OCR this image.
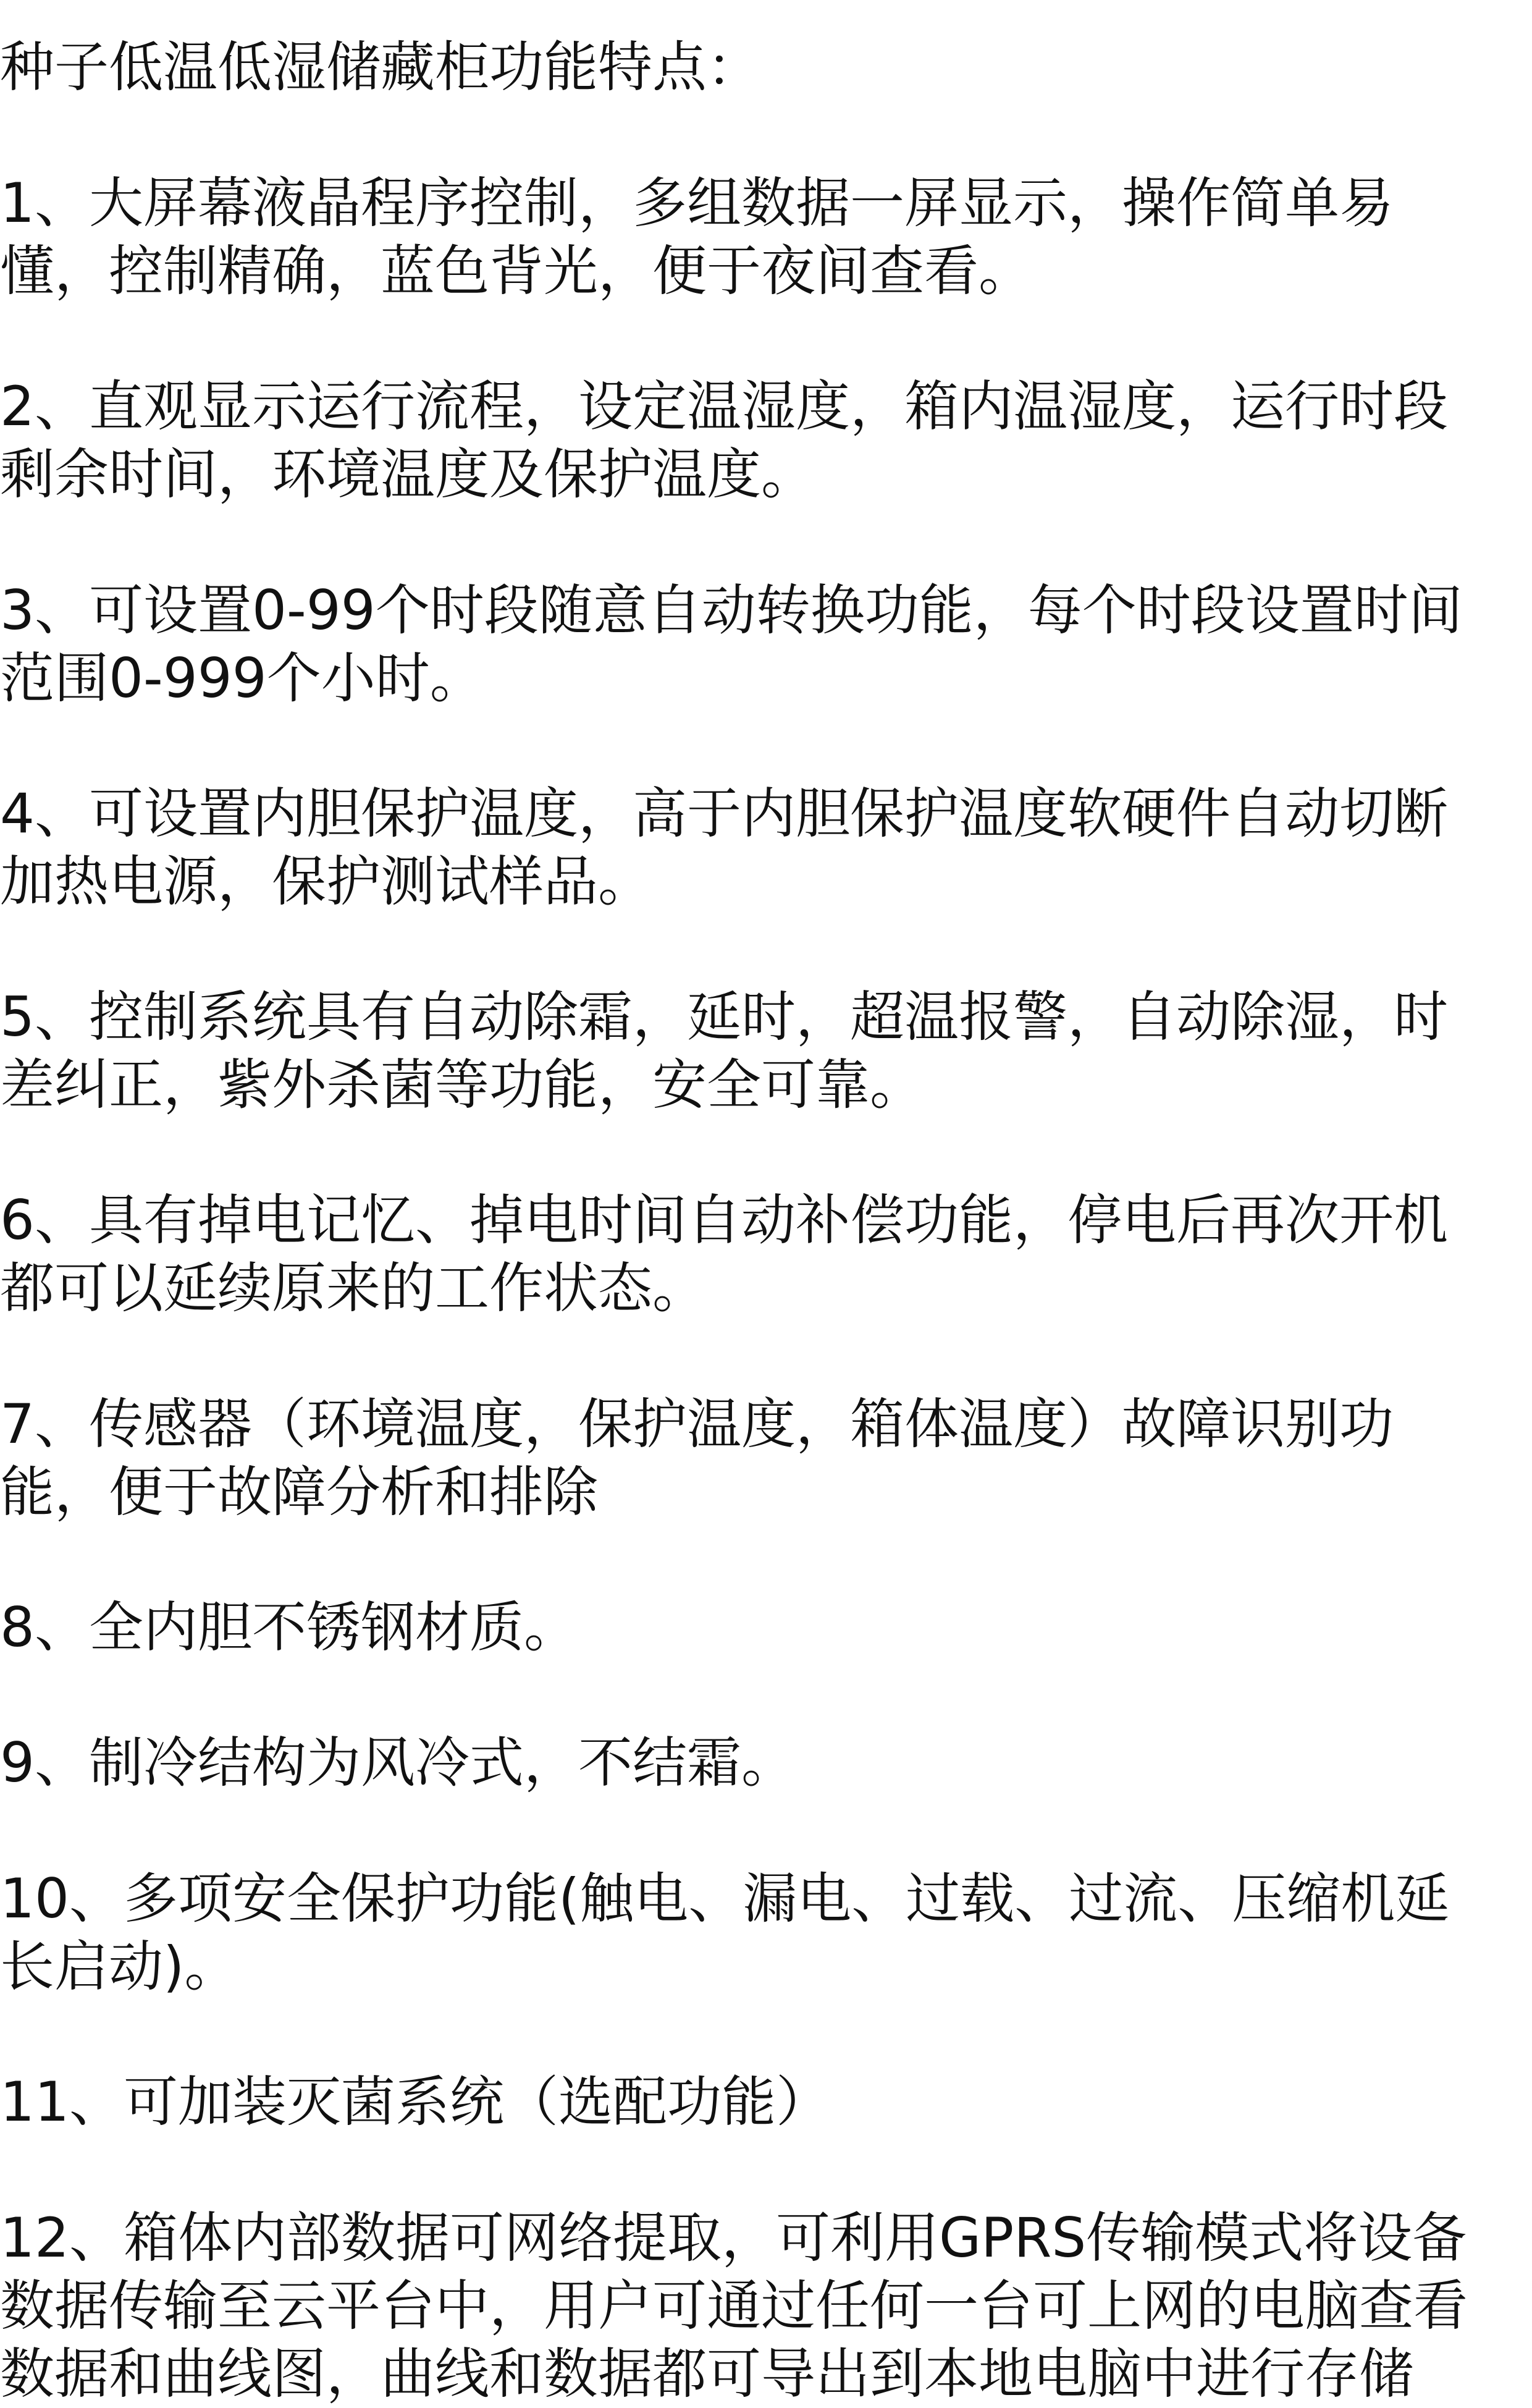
种子低温低湿储藏柜功能特点：
1、大屏幕液晶程序控制，多组数据一屏显示，操作简单易
懂，控制精确，蓝色背光，便于夜间查看。
2、直观显示运行流程，设定温湿度，箱内温湿度，运行时段
剩余时间，环境温度及保护温度。
3、可设置0-99个时段随意自动转换功能，每个时段设置时间
范围0-999个小时。
4、可设置内胆保护温度，高于内胆保护温度软硬件自动切断
加热电源，保护测试样品。
5、控制系统具有自动除霜，延时，超温报警，自动除湿，时
差纠正，紫外杀菌等功能，安全可靠。
6、具有掉电记忆、掉电时间自动补偿功能，停电后再次开机
都可以延续原来的工作状态。
7、传感器（环境温度，保护温度，箱体温度）故障识别功
能，便于故障分析和排除
8、全内胆不锈钢材质。
9、制冷结构为风冷式，不结霜。
10、多项安全保护功能(触电、漏电、过载、过流、压缩机延
长启动)。
11、可加装灭菌系统（选配功能）
12、箱体内部数据可网络提取，可利用GPRS传输模式将设备
数据传输至云平台中，用户可通过任何一台可上网的电脑查看
数据和曲线图，曲线和数据都可导出到本地电脑中进行存储
